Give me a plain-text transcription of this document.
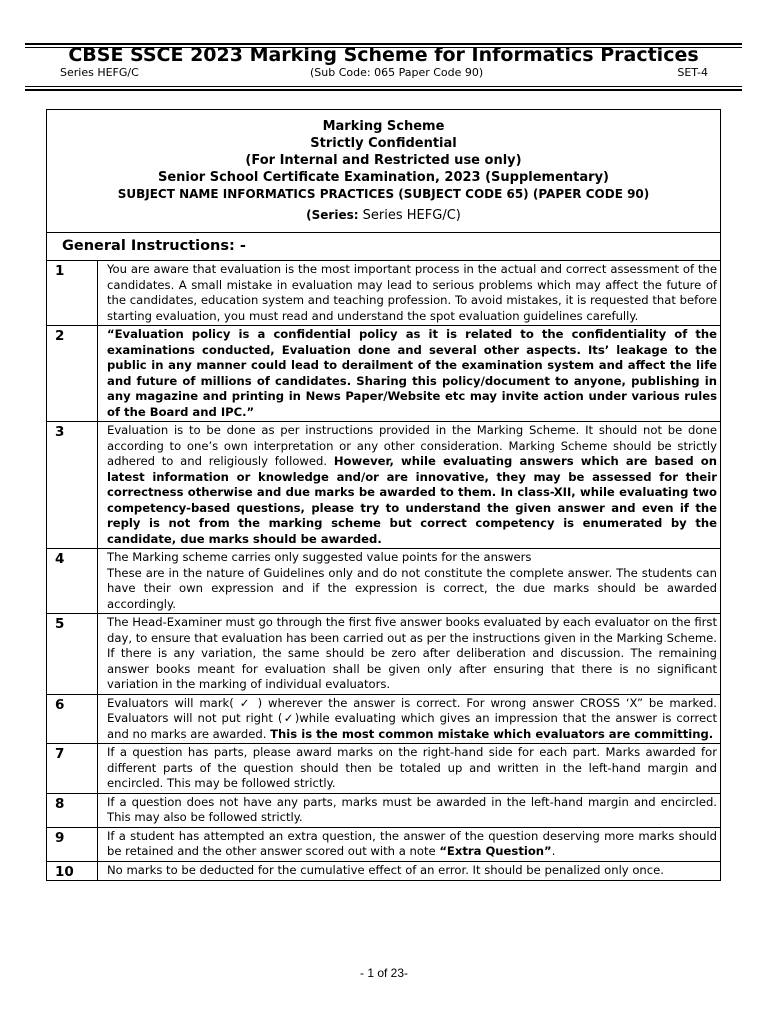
CBSE SSCE 2023 Marking Scheme for Informatics Practices
Series HEFG/C	(Sub Code: 065 Paper Code 90)	SET-4
Marking Scheme
Strictly Confidential
(For Internal and Restricted use only)
Senior School Certificate Examination, 2023 (Supplementary)
SUBJECT NAME INFORMATICS PRACTICES (SUBJECT CODE 65) (PAPER CODE 90)
(Series: Series HEFG/C)
General Instructions: -
1	You are aware that evaluation is the most important process in the actual and correct assessment of the candidates. A small mistake in evaluation may lead to serious problems which may affect the future of the candidates, education system and teaching profession. To avoid mistakes, it is requested that before starting evaluation, you must read and understand the spot evaluation guidelines carefully.
2	“Evaluation policy is a confidential policy as it is related to the confidentiality of the examinations conducted, Evaluation done and several other aspects. Its’ leakage to the public in any manner could lead to derailment of the examination system and affect the life and future of millions of candidates. Sharing this policy/document to anyone, publishing in any magazine and printing in News Paper/Website etc may invite action under various rules of the Board and IPC.”
3	Evaluation is to be done as per instructions provided in the Marking Scheme. It should not be done according to one’s own interpretation or any other consideration. Marking Scheme should be strictly adhered to and religiously followed. However, while evaluating answers which are based on latest information or knowledge and/or are innovative, they may be assessed for their correctness otherwise and due marks be awarded to them. In class-XII, while evaluating two competency-based questions, please try to understand the given answer and even if the reply is not from the marking scheme but correct competency is enumerated by the candidate, due marks should be awarded.
4	The Marking scheme carries only suggested value points for the answers
These are in the nature of Guidelines only and do not constitute the complete answer. The students can have their own expression and if the expression is correct, the due marks should be awarded accordingly.
5	The Head-Examiner must go through the first five answer books evaluated by each evaluator on the first day, to ensure that evaluation has been carried out as per the instructions given in the Marking Scheme. If there is any variation, the same should be zero after deliberation and discussion. The remaining answer books meant for evaluation shall be given only after ensuring that there is no significant variation in the marking of individual evaluators.
6	Evaluators will mark( ✓ ) wherever the answer is correct. For wrong answer CROSS ‘X” be marked. Evaluators will not put right (✓)while evaluating which gives an impression that the answer is correct and no marks are awarded. This is the most common mistake which evaluators are committing.
7	If a question has parts, please award marks on the right-hand side for each part. Marks awarded for different parts of the question should then be totaled up and written in the left-hand margin and encircled. This may be followed strictly.
8	If a question does not have any parts, marks must be awarded in the left-hand margin and encircled. This may also be followed strictly.
9	If a student has attempted an extra question, the answer of the question deserving more marks should be retained and the other answer scored out with a note “Extra Question”.
10	No marks to be deducted for the cumulative effect of an error. It should be penalized only once.
- 1 of 23-
